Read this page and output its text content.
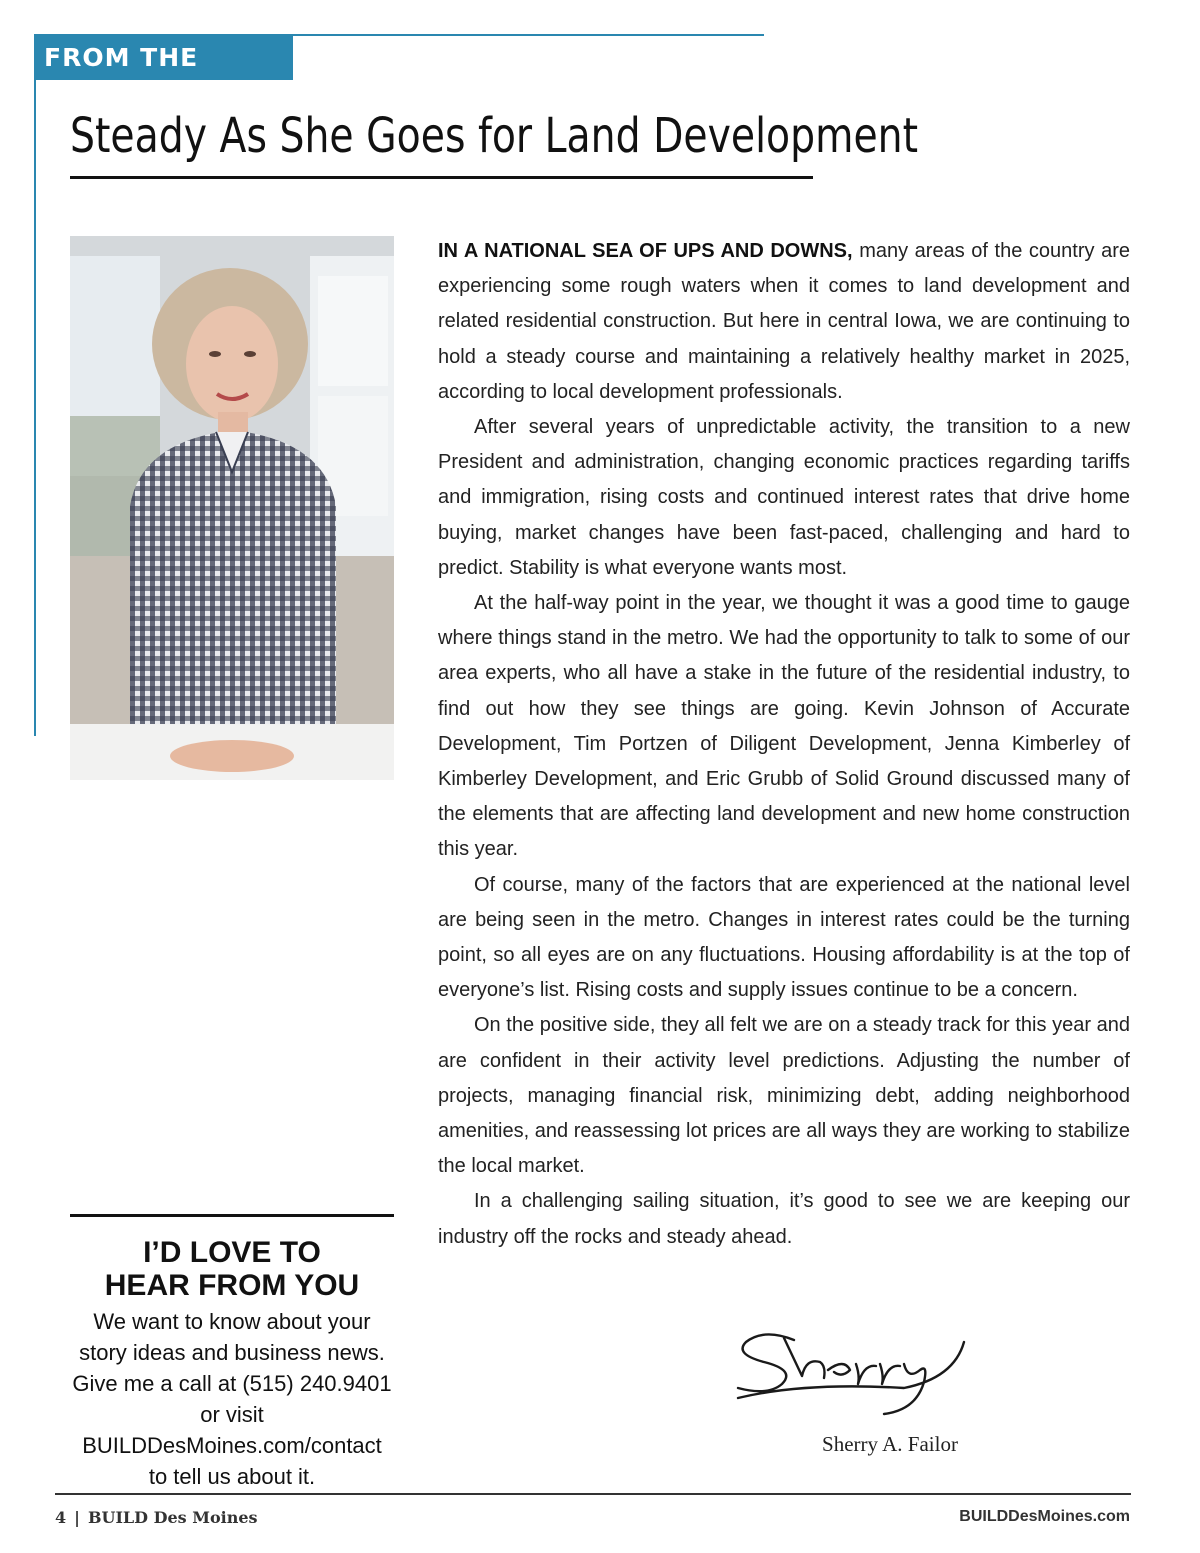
FROM THE EDITOR
Steady As She Goes for Land Development

IN A NATIONAL SEA OF UPS AND DOWNS, many areas of the country are experiencing some rough waters when it comes to land development and related residential construction. But here in central Iowa, we are continuing to hold a steady course and maintaining a relatively healthy market in 2025, according to local development professionals.

After several years of unpredictable activity, the transition to a new President and administration, changing economic practices regarding tariffs and immigration, rising costs and continued interest rates that drive home buying, market changes have been fast-paced, challenging and hard to predict. Stability is what everyone wants most.

At the half-way point in the year, we thought it was a good time to gauge where things stand in the metro. We had the opportunity to talk to some of our area experts, who all have a stake in the future of the residential industry, to find out how they see things are going. Kevin Johnson of Accurate Development, Tim Portzen of Diligent Development, Jenna Kimberley of Kimberley Development, and Eric Grubb of Solid Ground discussed many of the elements that are affecting land development and new home construction this year.

Of course, many of the factors that are experienced at the national level are being seen in the metro. Changes in interest rates could be the turning point, so all eyes are on any fluctuations. Housing affordability is at the top of everyone’s list. Rising costs and supply issues continue to be a concern.

On the positive side, they all felt we are on a steady track for this year and are confident in their activity level predictions. Adjusting the number of projects, managing financial risk, minimizing debt, adding neighborhood amenities, and reassessing lot prices are all ways they are working to stabilize the local market.

In a challenging sailing situation, it’s good to see we are keeping our industry off the rocks and steady ahead.

I’D LOVE TO
HEAR FROM YOU

We want to know about your story ideas and business news. Give me a call at (515) 240.9401 or visit BUILDDesMoines.com/contact to tell us about it.

Sherry A. Failor
4 | BUILD Des Moines	BUILDDesMoines.com
